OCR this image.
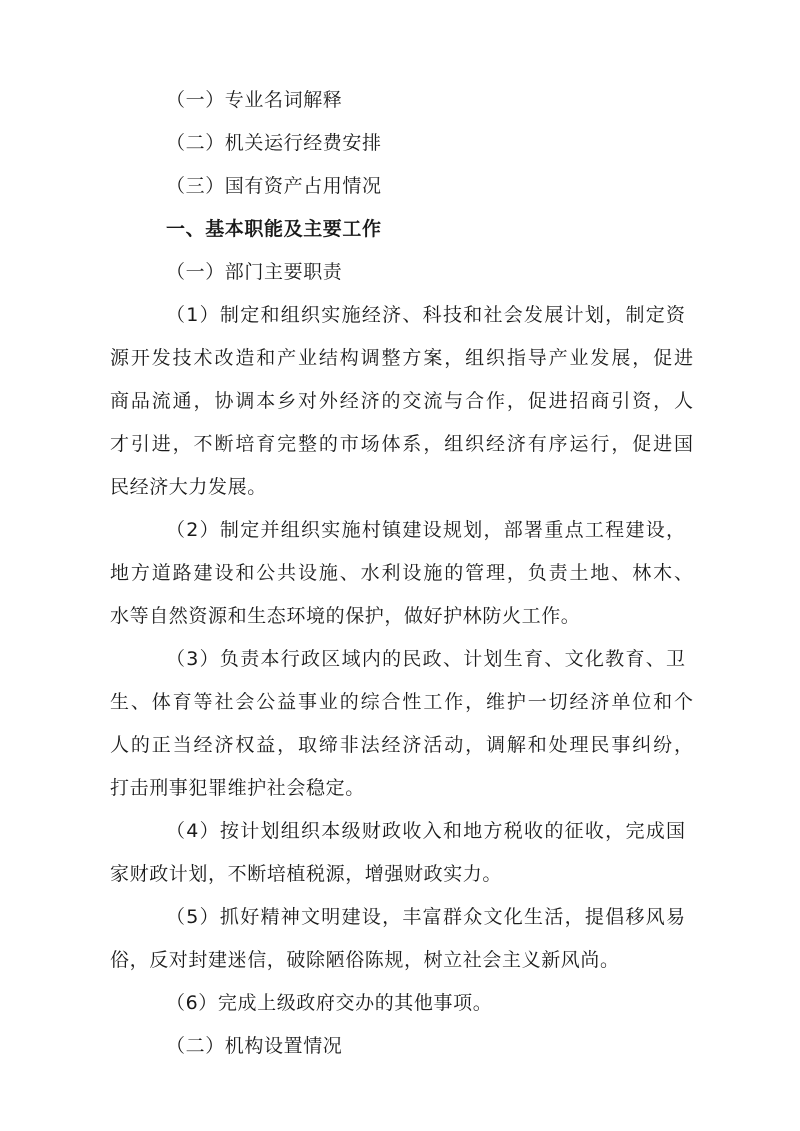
（一）专业名词解释
（二）机关运行经费安排
（三）国有资产占用情况
一、基本职能及主要工作
（一）部门主要职责
（1）制定和组织实施经济、科技和社会发展计划，制定资
源开发技术改造和产业结构调整方案，组织指导产业发展，促进
商品流通，协调本乡对外经济的交流与合作，促进招商引资，人
才引进，不断培育完整的市场体系，组织经济有序运行，促进国
民经济大力发展。
（2）制定并组织实施村镇建设规划，部署重点工程建设，
地方道路建设和公共设施、水利设施的管理，负责土地、林木、
水等自然资源和生态环境的保护，做好护林防火工作。
（3）负责本行政区域内的民政、计划生育、文化教育、卫
生、体育等社会公益事业的综合性工作，维护一切经济单位和个
人的正当经济权益，取缔非法经济活动，调解和处理民事纠纷，
打击刑事犯罪维护社会稳定。
（4）按计划组织本级财政收入和地方税收的征收，完成国
家财政计划，不断培植税源，增强财政实力。
（5）抓好精神文明建设，丰富群众文化生活，提倡移风易
俗，反对封建迷信，破除陋俗陈规，树立社会主义新风尚。
（6）完成上级政府交办的其他事项。
（二）机构设置情况
